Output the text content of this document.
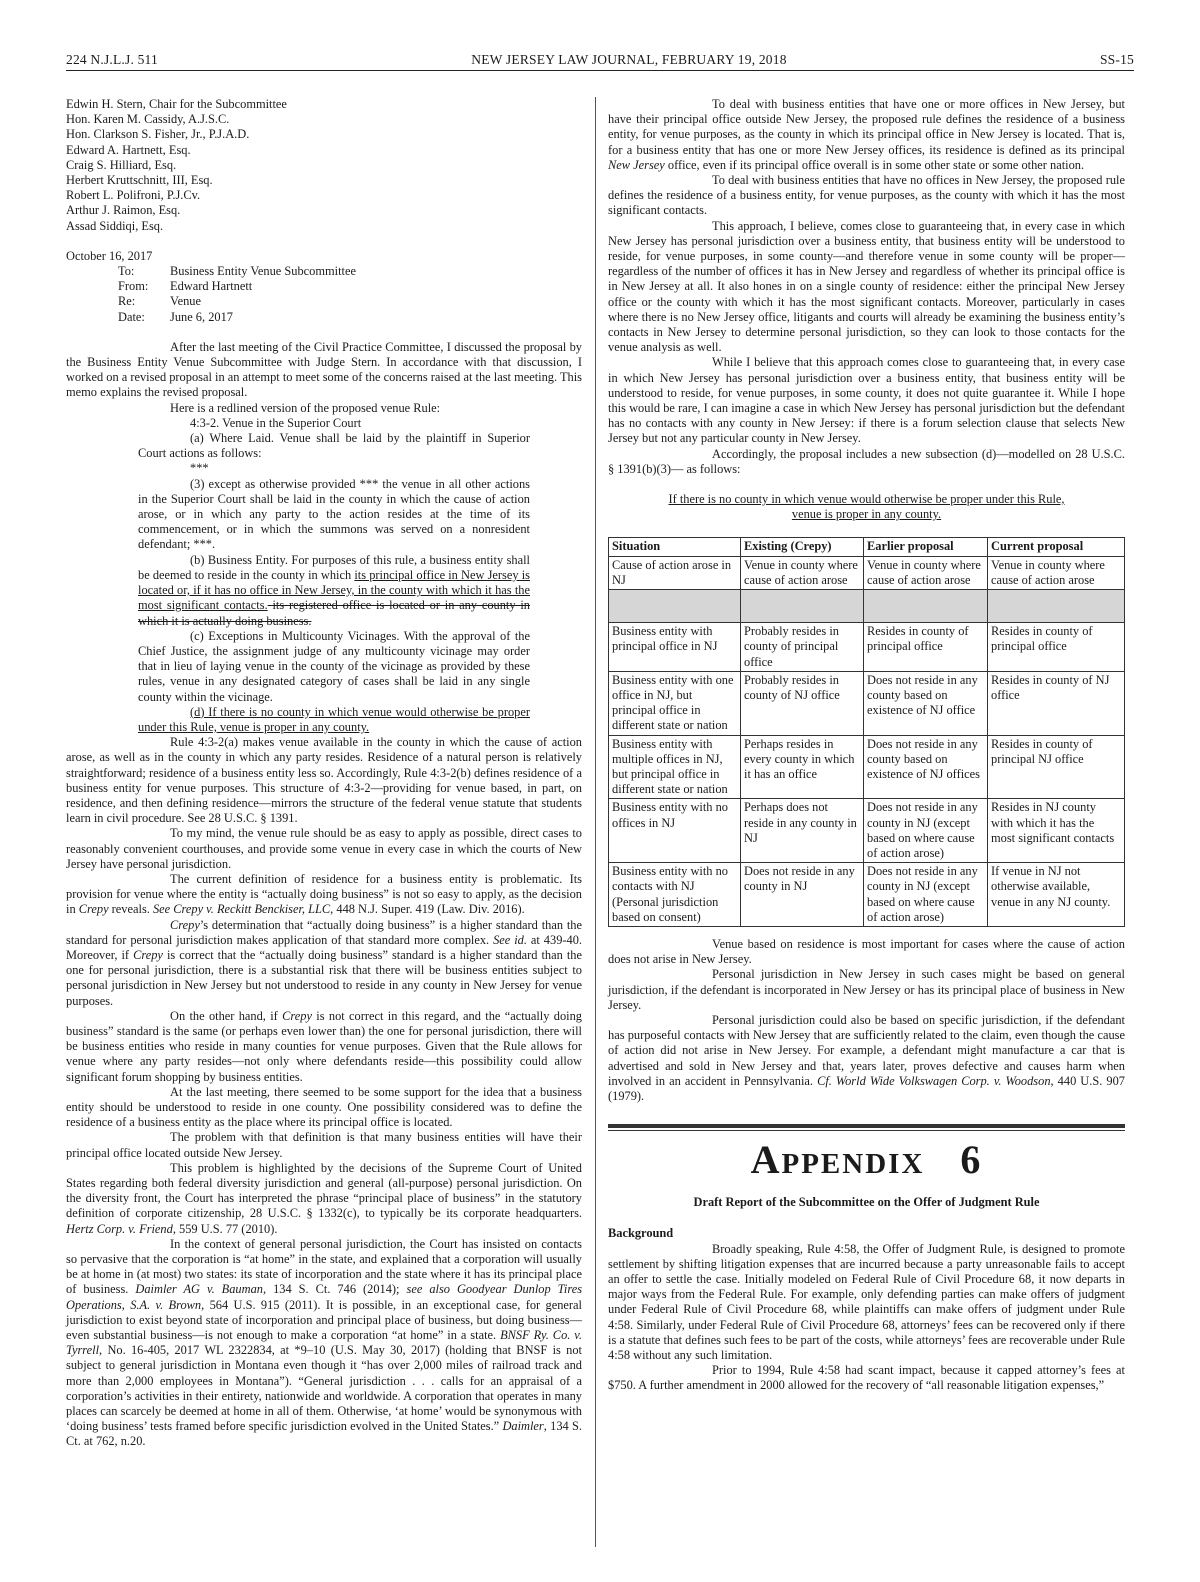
224 N.J.L.J. 511	NEW JERSEY LAW JOURNAL, FEBRUARY 19, 2018	SS-15

Edwin H. Stern, Chair for the Subcommittee

Hon. Karen M. Cassidy, A.J.S.C.

Hon. Clarkson S. Fisher, Jr., P.J.A.D.

Edward A. Hartnett, Esq.

Craig S. Hilliard, Esq.

Herbert Kruttschnitt, III, Esq.

Robert L. Polifroni, P.J.Cv.

Arthur J. Raimon, Esq.

Assad Siddiqi, Esq.

October 16, 2017

To:	Business Entity Venue Subcommittee
From:	Edward Hartnett
Re:	Venue
Date:	June 6, 2017

After the last meeting of the Civil Practice Committee, I discussed the proposal by the Business Entity Venue Subcommittee with Judge Stern. In accordance with that discussion, I worked on a revised proposal in an attempt to meet some of the concerns raised at the last meeting. This memo explains the revised proposal.

Here is a redlined version of the proposed venue Rule:

4:3-2. Venue in the Superior Court

(a) Where Laid. Venue shall be laid by the plaintiff in Superior Court actions as follows:

***

(3) except as otherwise provided *** the venue in all other actions in the Superior Court shall be laid in the county in which the cause of action arose, or in which any party to the action resides at the time of its commencement, or in which the summons was served on a nonresident defendant; ***.

(b) Business Entity. For purposes of this rule, a business entity shall be deemed to reside in the county in which its principal office in New Jersey is located or, if it has no office in New Jersey, in the county with which it has the most significant contacts. its registered office is located or in any county in which it is actually doing business.

(c) Exceptions in Multicounty Vicinages. With the approval of the Chief Justice, the assignment judge of any multicounty vicinage may order that in lieu of laying venue in the county of the vicinage as provided by these rules, venue in any designated category of cases shall be laid in any single county within the vicinage.

(d) If there is no county in which venue would otherwise be proper under this Rule, venue is proper in any county.

Rule 4:3-2(a) makes venue available in the county in which the cause of action arose, as well as in the county in which any party resides. Residence of a natural person is relatively straightforward; residence of a business entity less so. Accordingly, Rule 4:3-2(b) defines residence of a business entity for venue purposes. This structure of 4:3-2—providing for venue based, in part, on residence, and then defining residence—mirrors the structure of the federal venue statute that students learn in civil procedure. See 28 U.S.C. § 1391.

To my mind, the venue rule should be as easy to apply as possible, direct cases to reasonably convenient courthouses, and provide some venue in every case in which the courts of New Jersey have personal jurisdiction.

The current definition of residence for a business entity is problematic. Its provision for venue where the entity is “actually doing business” is not so easy to apply, as the decision in Crepy reveals. See Crepy v. Reckitt Benckiser, LLC, 448 N.J. Super. 419 (Law. Div. 2016).

Crepy’s determination that “actually doing business” is a higher standard than the standard for personal jurisdiction makes application of that standard more complex. See id. at 439-40. Moreover, if Crepy is correct that the “actually doing business” standard is a higher standard than the one for personal jurisdiction, there is a substantial risk that there will be business entities subject to personal jurisdiction in New Jersey but not understood to reside in any county in New Jersey for venue purposes.

On the other hand, if Crepy is not correct in this regard, and the “actually doing business” standard is the same (or perhaps even lower than) the one for personal jurisdiction, there will be business entities who reside in many counties for venue purposes. Given that the Rule allows for venue where any party resides—not only where defendants reside—this possibility could allow significant forum shopping by business entities.

At the last meeting, there seemed to be some support for the idea that a business entity should be understood to reside in one county. One possibility considered was to define the residence of a business entity as the place where its principal office is located.

The problem with that definition is that many business entities will have their principal office located outside New Jersey.

This problem is highlighted by the decisions of the Supreme Court of United States regarding both federal diversity jurisdiction and general (all-purpose) personal jurisdiction. On the diversity front, the Court has interpreted the phrase “principal place of business” in the statutory definition of corporate citizenship, 28 U.S.C. § 1332(c), to typically be its corporate headquarters. Hertz Corp. v. Friend, 559 U.S. 77 (2010).

In the context of general personal jurisdiction, the Court has insisted on contacts so pervasive that the corporation is “at home” in the state, and explained that a corporation will usually be at home in (at most) two states: its state of incorporation and the state where it has its principal place of business. Daimler AG v. Bauman, 134 S. Ct. 746 (2014); see also Goodyear Dunlop Tires Operations, S.A. v. Brown, 564 U.S. 915 (2011). It is possible, in an exceptional case, for general jurisdiction to exist beyond state of incorporation and principal place of business, but doing business—even substantial business—is not enough to make a corporation “at home” in a state. BNSF Ry. Co. v. Tyrrell, No. 16-405, 2017 WL 2322834, at *9–10 (U.S. May 30, 2017) (holding that BNSF is not subject to general jurisdiction in Montana even though it “has over 2,000 miles of railroad track and more than 2,000 employees in Montana”). “General jurisdiction . . . calls for an appraisal of a corporation’s activities in their entirety, nationwide and worldwide. A corporation that operates in many places can scarcely be deemed at home in all of them. Otherwise, ‘at home’ would be synonymous with ‘doing business’ tests framed before specific jurisdiction evolved in the United States.” Daimler, 134 S. Ct. at 762, n.20.

To deal with business entities that have one or more offices in New Jersey, but have their principal office outside New Jersey, the proposed rule defines the residence of a business entity, for venue purposes, as the county in which its principal office in New Jersey is located. That is, for a business entity that has one or more New Jersey offices, its residence is defined as its principal New Jersey office, even if its principal office overall is in some other state or some other nation.

To deal with business entities that have no offices in New Jersey, the proposed rule defines the residence of a business entity, for venue purposes, as the county with which it has the most significant contacts.

This approach, I believe, comes close to guaranteeing that, in every case in which New Jersey has personal jurisdiction over a business entity, that business entity will be understood to reside, for venue purposes, in some county—and therefore venue in some county will be proper—regardless of the number of offices it has in New Jersey and regardless of whether its principal office is in New Jersey at all. It also hones in on a single county of residence: either the principal New Jersey office or the county with which it has the most significant contacts. Moreover, particularly in cases where there is no New Jersey office, litigants and courts will already be examining the business entity’s contacts in New Jersey to determine personal jurisdiction, so they can look to those contacts for the venue analysis as well.

While I believe that this approach comes close to guaranteeing that, in every case in which New Jersey has personal jurisdiction over a business entity, that business entity will be understood to reside, for venue purposes, in some county, it does not quite guarantee it. While I hope this would be rare, I can imagine a case in which New Jersey has personal jurisdiction but the defendant has no contacts with any county in New Jersey: if there is a forum selection clause that selects New Jersey but not any particular county in New Jersey.

Accordingly, the proposal includes a new subsection (d)—modelled on 28 U.S.C. § 1391(b)(3)— as follows:

If there is no county in which venue would otherwise be proper under this Rule, venue is proper in any county.

Situation	Existing (Crepy)	Earlier proposal	Current proposal
Cause of action arose in NJ	Venue in county where cause of action arose	Venue in county where cause of action arose	Venue in county where cause of action arose

Business entity with principal office in NJ	Probably resides in county of principal office	Resides in county of principal office	Resides in county of principal office
Business entity with one office in NJ, but principal office in different state or nation	Probably resides in county of NJ office	Does not reside in any county based on existence of NJ office	Resides in county of NJ office
Business entity with multiple offices in NJ, but principal office in different state or nation	Perhaps resides in every county in which it has an office	Does not reside in any county based on existence of NJ offices	Resides in county of principal NJ office
Business entity with no offices in NJ	Perhaps does not reside in any county in NJ	Does not reside in any county in NJ (except based on where cause of action arose)	Resides in NJ county with which it has the most significant contacts
Business entity with no contacts with NJ (Personal jurisdiction based on consent)	Does not reside in any county in NJ	Does not reside in any county in NJ (except based on where cause of action arose)	If venue in NJ not otherwise available, venue in any NJ county.

Venue based on residence is most important for cases where the cause of action does not arise in New Jersey.

Personal jurisdiction in New Jersey in such cases might be based on general jurisdiction, if the defendant is incorporated in New Jersey or has its principal place of business in New Jersey.

Personal jurisdiction could also be based on specific jurisdiction, if the defendant has purposeful contacts with New Jersey that are sufficiently related to the claim, even though the cause of action did not arise in New Jersey. For example, a defendant might manufacture a car that is advertised and sold in New Jersey and that, years later, proves defective and causes harm when involved in an accident in Pennsylvania. Cf. World Wide Volkswagen Corp. v. Woodson, 440 U.S. 907 (1979).

APPENDIX 6
Draft Report of the Subcommittee on the Offer of Judgment Rule

Background

Broadly speaking, Rule 4:58, the Offer of Judgment Rule, is designed to promote settlement by shifting litigation expenses that are incurred because a party unreasonable fails to accept an offer to settle the case. Initially modeled on Federal Rule of Civil Procedure 68, it now departs in major ways from the Federal Rule. For example, only defending parties can make offers of judgment under Federal Rule of Civil Procedure 68, while plaintiffs can make offers of judgment under Rule 4:58. Similarly, under Federal Rule of Civil Procedure 68, attorneys’ fees can be recovered only if there is a statute that defines such fees to be part of the costs, while attorneys’ fees are recoverable under Rule 4:58 without any such limitation.

Prior to 1994, Rule 4:58 had scant impact, because it capped attorney’s fees at $750. A further amendment in 2000 allowed for the recovery of “all reasonable litigation expenses,”
